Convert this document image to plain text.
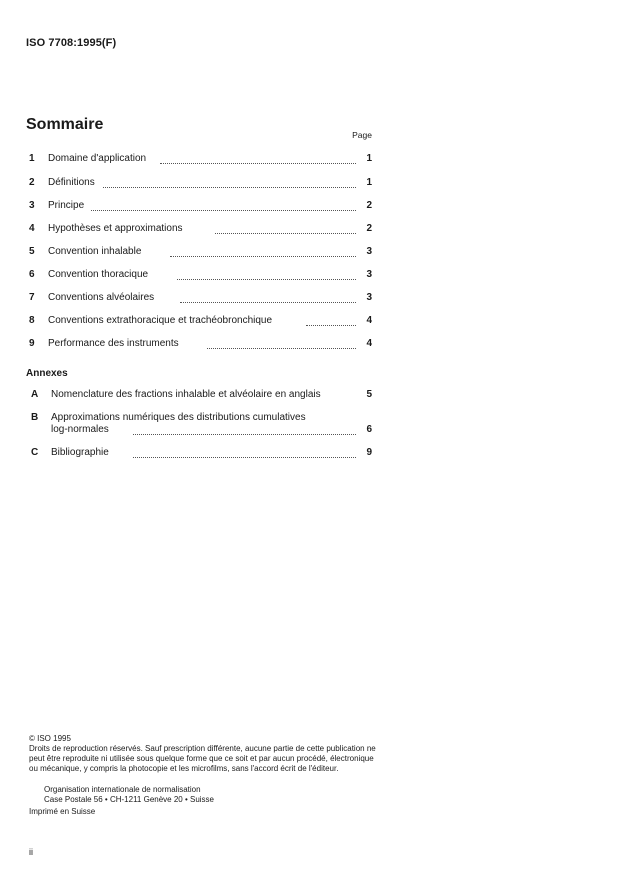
ISO 7708:1995(F)
Sommaire
Page
1 Domaine d'application	1
2 Définitions	1
3 Principe	2
4 Hypothèses et approximations	2
5 Convention inhalable	3
6 Convention thoracique	3
7 Conventions alvéolaires	3
8 Conventions extrathoracique et trachéobronchique	4
9 Performance des instruments	4
Annexes
A Nomenclature des fractions inhalable et alvéolaire en anglais	5
B Approximations numériques des distributions cumulatives
log-normales	6
C Bibliographie	9
© ISO 1995
Droits de reproduction réservés. Sauf prescription différente, aucune partie de cette publication ne peut être reproduite ni utilisée sous quelque forme que ce soit et par aucun procédé, électronique ou mécanique, y compris la photocopie et les microfilms, sans l'accord écrit de l'éditeur.
Organisation internationale de normalisation
Case Postale 56 • CH-1211 Genève 20 • Suisse
Imprimé en Suisse
ii
